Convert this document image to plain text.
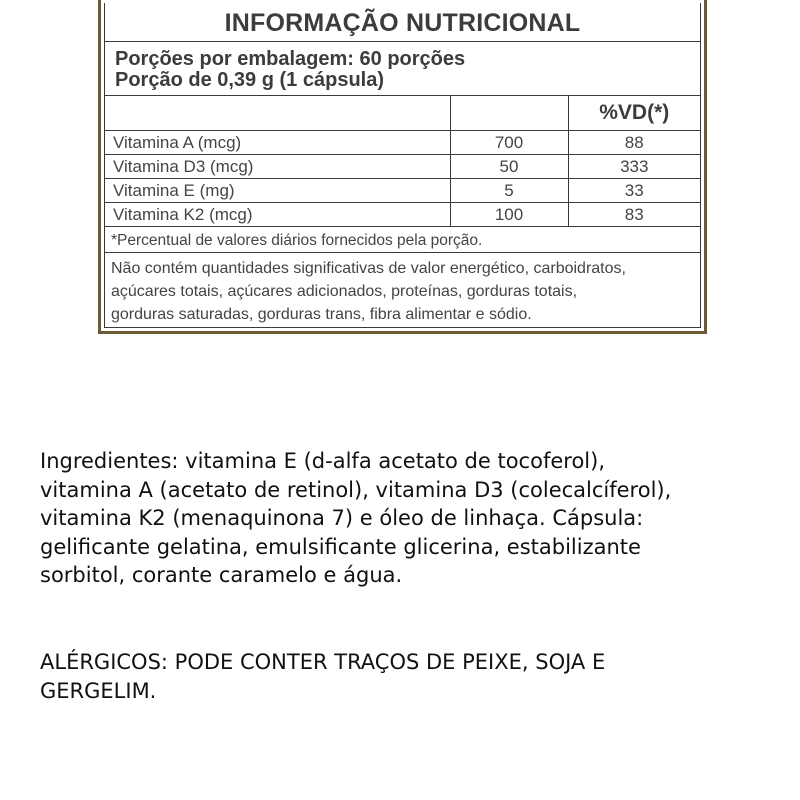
INFORMAÇÃO NUTRICIONAL
Porções por embalagem: 60 porções
Porção de 0,39 g (1 cápsula)
		%VD(*)
Vitamina A (mcg)	700	88
Vitamina D3 (mcg)	50	333
Vitamina E (mg)	5	33
Vitamina K2 (mcg)	100	83
*Percentual de valores diários fornecidos pela porção.
Não contém quantidades significativas de valor energético, carboidratos,
açúcares totais, açúcares adicionados, proteínas, gorduras totais,
gorduras saturadas, gorduras trans, fibra alimentar e sódio.
Ingredientes: vitamina E (d-alfa acetato de tocoferol),
vitamina A (acetato de retinol), vitamina D3 (colecalcíferol),
vitamina K2 (menaquinona 7) e óleo de linhaça. Cápsula:
gelificante gelatina, emulsificante glicerina, estabilizante
sorbitol, corante caramelo e água.
ALÉRGICOS: PODE CONTER TRAÇOS DE PEIXE, SOJA E
GERGELIM.
